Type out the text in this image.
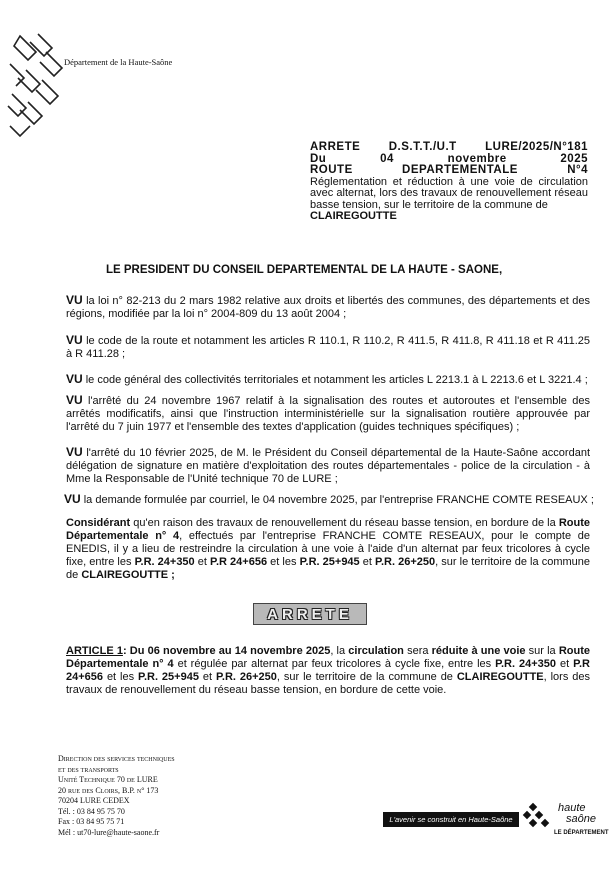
Département de la Haute-Saône
ARRETE D.S.T.T./U.T LURE/2025/N°181
Du 04 novembre 2025
ROUTE DEPARTEMENTALE N°4
Réglementation et réduction à une voie de circulation avec alternat, lors des travaux de renouvellement réseau basse tension, sur le territoire de la commune de
CLAIREGOUTTE
LE PRESIDENT DU CONSEIL DEPARTEMENTAL DE LA HAUTE - SAONE,
VU la loi n° 82-213 du 2 mars 1982 relative aux droits et libertés des communes, des départements et des régions, modifiée par la loi n° 2004-809 du 13 août 2004 ;
VU le code de la route et notamment les articles R 110.1, R 110.2, R 411.5, R 411.8, R 411.18 et R 411.25 à R 411.28 ;
VU le code général des collectivités territoriales et notamment les articles L 2213.1 à L 2213.6 et L 3221.4 ;
VU l'arrêté du 24 novembre 1967 relatif à la signalisation des routes et autoroutes et l'ensemble des arrêtés modificatifs, ainsi que l'instruction interministérielle sur la signalisation routière approuvée par l'arrêté du 7 juin 1977 et l'ensemble des textes d'application (guides techniques spécifiques) ;
VU l'arrêté du 10 février 2025, de M. le Président du Conseil départemental de la Haute-Saône accordant délégation de signature en matière d'exploitation des routes départementales - police de la circulation - à Mme la Responsable de l'Unité technique 70 de LURE ;
VU la demande formulée par courriel, le 04 novembre 2025, par l'entreprise FRANCHE COMTE RESEAUX ;
Considérant qu'en raison des travaux de renouvellement du réseau basse tension, en bordure de la Route Départementale n° 4, effectués par l'entreprise FRANCHE COMTE RESEAUX, pour le compte de ENEDIS, il y a lieu de restreindre la circulation à une voie à l'aide d'un alternat par feux tricolores à cycle fixe, entre les P.R. 24+350 et P.R 24+656 et les P.R. 25+945 et P.R. 26+250, sur le territoire de la commune de CLAIREGOUTTE ;
ARRETE
ARTICLE 1: Du 06 novembre au 14 novembre 2025, la circulation sera réduite à une voie sur la Route Départementale n° 4 et régulée par alternat par feux tricolores à cycle fixe, entre les P.R. 24+350 et P.R 24+656 et les P.R. 25+945 et P.R. 26+250, sur le territoire de la commune de CLAIREGOUTTE, lors des travaux de renouvellement du réseau basse tension, en bordure de cette voie.
Direction des services techniques
et des transports
Unité Technique 70 de LURE
20 rue des Cloirs, B.P. n° 173
70204 LURE CEDEX
Tél. : 03 84 95 75 70
Fax : 03 84 95 75 71
Mél : ut70-lure@haute-saone.fr
L'avenir se construit en Haute-Saône
haute
saône
LE DÉPARTEMENT
